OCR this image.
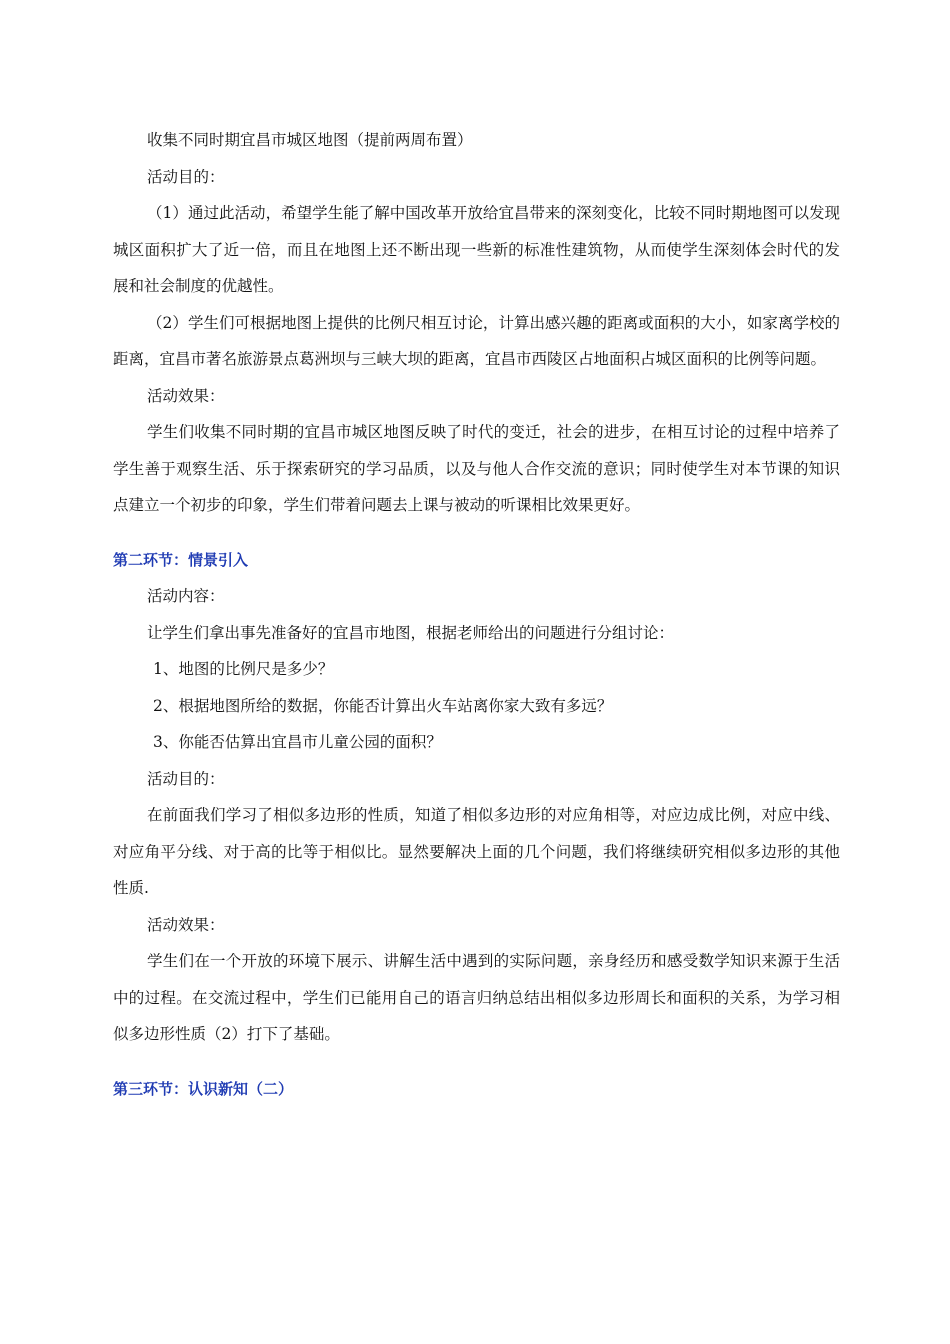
收集不同时期宜昌市城区地图（提前两周布置）

活动目的：

（1）通过此活动，希望学生能了解中国改革开放给宜昌带来的深刻变化，比较不同时期地图可以发现城区面积扩大了近一倍，而且在地图上还不断出现一些新的标准性建筑物，从而使学生深刻体会时代的发展和社会制度的优越性。

（2）学生们可根据地图上提供的比例尺相互讨论，计算出感兴趣的距离或面积的大小，如家离学校的距离，宜昌市著名旅游景点葛洲坝与三峡大坝的距离，宜昌市西陵区占地面积占城区面积的比例等问题。

活动效果：

学生们收集不同时期的宜昌市城区地图反映了时代的变迁，社会的进步，在相互讨论的过程中培养了学生善于观察生活、乐于探索研究的学习品质，以及与他人合作交流的意识；同时使学生对本节课的知识点建立一个初步的印象，学生们带着问题去上课与被动的听课相比效果更好。

第二环节：情景引入

活动内容：

让学生们拿出事先准备好的宜昌市地图，根据老师给出的问题进行分组讨论：

1、地图的比例尺是多少？

2、根据地图所给的数据，你能否计算出火车站离你家大致有多远？

3、你能否估算出宜昌市儿童公园的面积？

活动目的：

在前面我们学习了相似多边形的性质，知道了相似多边形的对应角相等，对应边成比例，对应中线、对应角平分线、对于高的比等于相似比。显然要解决上面的几个问题，我们将继续研究相似多边形的其他性质.

活动效果：

学生们在一个开放的环境下展示、讲解生活中遇到的实际问题，亲身经历和感受数学知识来源于生活中的过程。在交流过程中，学生们已能用自己的语言归纳总结出相似多边形周长和面积的关系，为学习相似多边形性质（2）打下了基础。

第三环节：认识新知（二）
